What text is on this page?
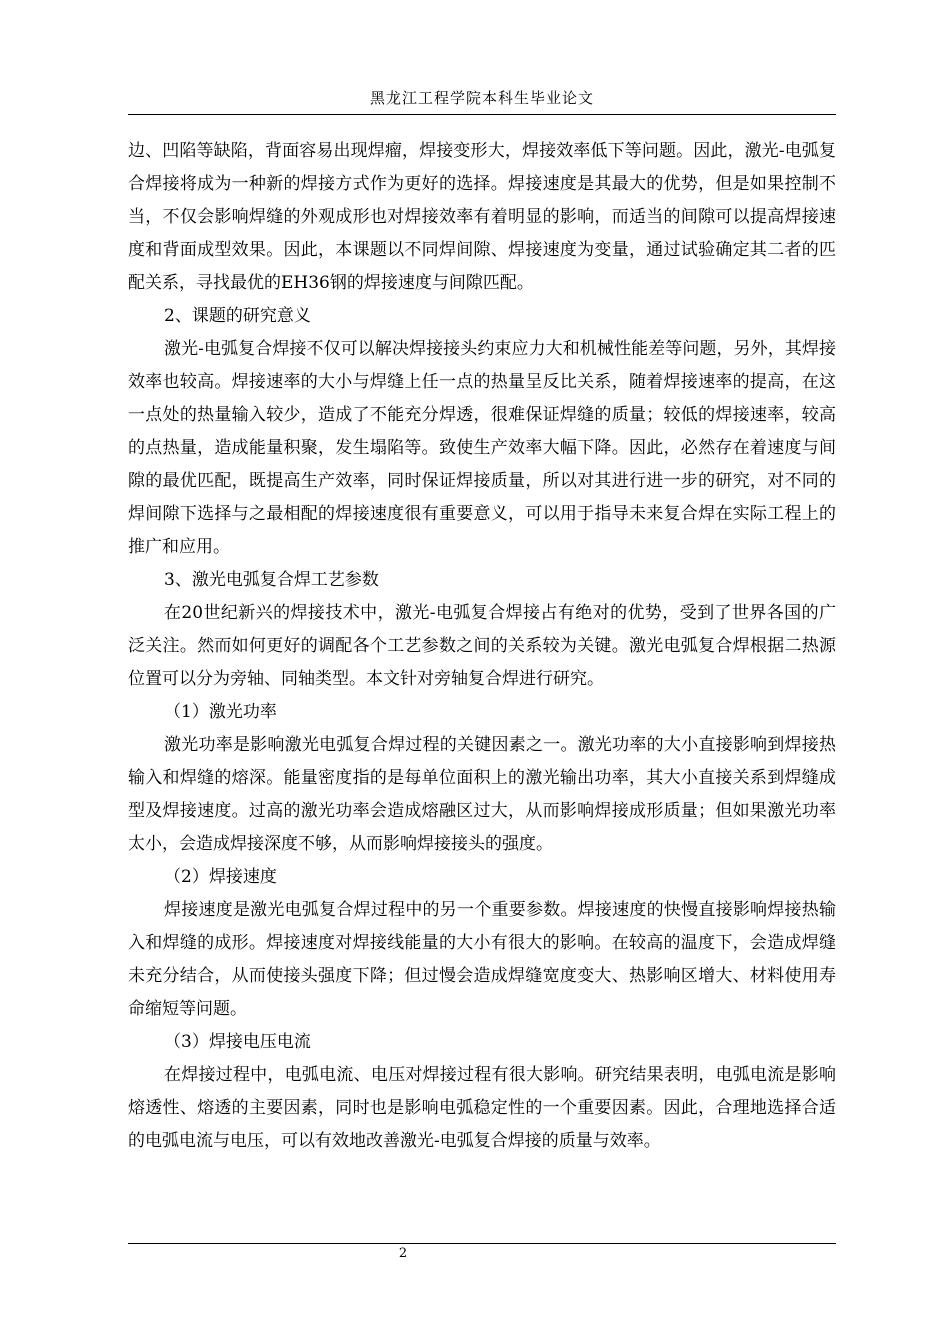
黑龙江工程学院本科生毕业论文

边、凹陷等缺陷，背面容易出现焊瘤，焊接变形大，焊接效率低下等问题。因此，激光-电弧复合焊接将成为一种新的焊接方式作为更好的选择。焊接速度是其最大的优势，但是如果控制不当，不仅会影响焊缝的外观成形也对焊接效率有着明显的影响，而适当的间隙可以提高焊接速度和背面成型效果。因此，本课题以不同焊间隙、焊接速度为变量，通过试验确定其二者的匹配关系，寻找最优的EH36钢的焊接速度与间隙匹配。

2、课题的研究意义

激光-电弧复合焊接不仅可以解决焊接接头约束应力大和机械性能差等问题，另外，其焊接效率也较高。焊接速率的大小与焊缝上任一点的热量呈反比关系，随着焊接速率的提高，在这一点处的热量输入较少，造成了不能充分焊透，很难保证焊缝的质量；较低的焊接速率，较高的点热量，造成能量积聚，发生塌陷等。致使生产效率大幅下降。因此，必然存在着速度与间隙的最优匹配，既提高生产效率，同时保证焊接质量，所以对其进行进一步的研究，对不同的焊间隙下选择与之最相配的焊接速度很有重要意义，可以用于指导未来复合焊在实际工程上的推广和应用。

3、激光电弧复合焊工艺参数

在20世纪新兴的焊接技术中，激光-电弧复合焊接占有绝对的优势，受到了世界各国的广泛关注。然而如何更好的调配各个工艺参数之间的关系较为关键。激光电弧复合焊根据二热源位置可以分为旁轴、同轴类型。本文针对旁轴复合焊进行研究。

（1）激光功率

激光功率是影响激光电弧复合焊过程的关键因素之一。激光功率的大小直接影响到焊接热输入和焊缝的熔深。能量密度指的是每单位面积上的激光输出功率，其大小直接关系到焊缝成型及焊接速度。过高的激光功率会造成熔融区过大，从而影响焊接成形质量；但如果激光功率太小，会造成焊接深度不够，从而影响焊接接头的强度。

（2）焊接速度

焊接速度是激光电弧复合焊过程中的另一个重要参数。焊接速度的快慢直接影响焊接热输入和焊缝的成形。焊接速度对焊接线能量的大小有很大的影响。在较高的温度下，会造成焊缝未充分结合，从而使接头强度下降；但过慢会造成焊缝宽度变大、热影响区增大、材料使用寿命缩短等问题。

（3）焊接电压电流

在焊接过程中，电弧电流、电压对焊接过程有很大影响。研究结果表明，电弧电流是影响熔透性、熔透的主要因素，同时也是影响电弧稳定性的一个重要因素。因此，合理地选择合适的电弧电流与电压，可以有效地改善激光-电弧复合焊接的质量与效率。

2
